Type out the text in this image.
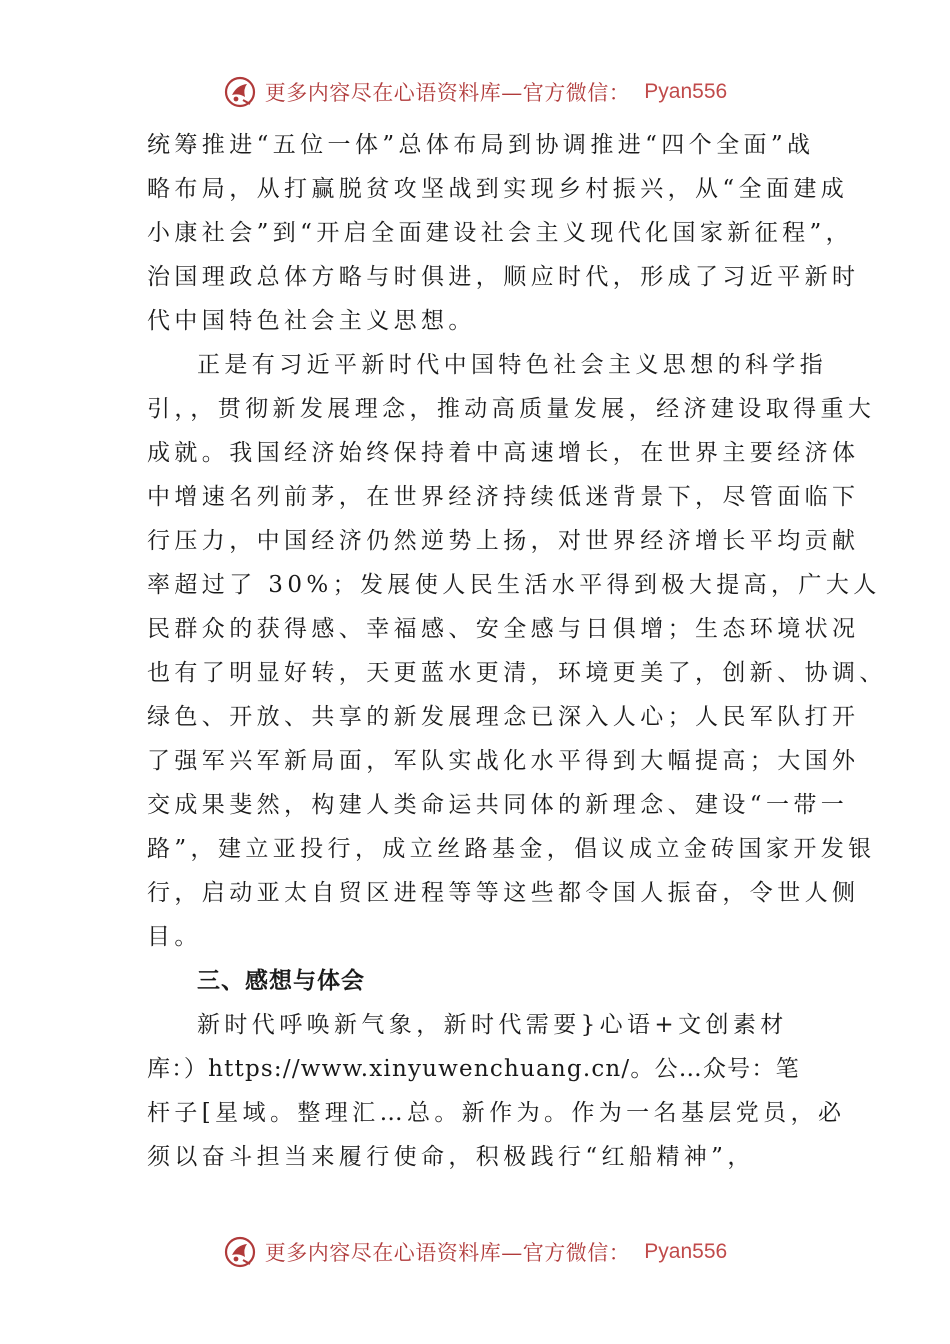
更多内容尽在心语资料库—官方微信： Pyan556
统筹推进“五位一体”总体布局到协调推进“四个全面”战
略布局，从打赢脱贫攻坚战到实现乡村振兴，从“全面建成
小康社会”到“开启全面建设社会主义现代化国家新征程”，
治国理政总体方略与时俱进，顺应时代，形成了习近平新时
代中国特色社会主义思想。
正是有习近平新时代中国特色社会主义思想的科学指
引，，贯彻新发展理念，推动高质量发展，经济建设取得重大
成就。我国经济始终保持着中高速增长，在世界主要经济体
中增速名列前茅，在世界经济持续低迷背景下，尽管面临下
行压力，中国经济仍然逆势上扬，对世界经济增长平均贡献
率超过了 30%；发展使人民生活水平得到极大提高，广大人
民群众的获得感、幸福感、安全感与日俱增；生态环境状况
也有了明显好转，天更蓝水更清，环境更美了，创新、协调、
绿色、开放、共享的新发展理念已深入人心；人民军队打开
了强军兴军新局面，军队实战化水平得到大幅提高；大国外
交成果斐然，构建人类命运共同体的新理念、建设“一带一
路”，建立亚投行，成立丝路基金，倡议成立金砖国家开发银
行，启动亚太自贸区进程等等这些都令国人振奋，令世人侧
目。
三、感想与体会
新时代呼唤新气象，新时代需要}心语+文创素材
库：）https://www.xinyuwenchuang.cn/。公…众号：笔
杆子[星域。整理汇…总。新作为。作为一名基层党员，必
须以奋斗担当来履行使命，积极践行“红船精神”，
更多内容尽在心语资料库—官方微信： Pyan556
